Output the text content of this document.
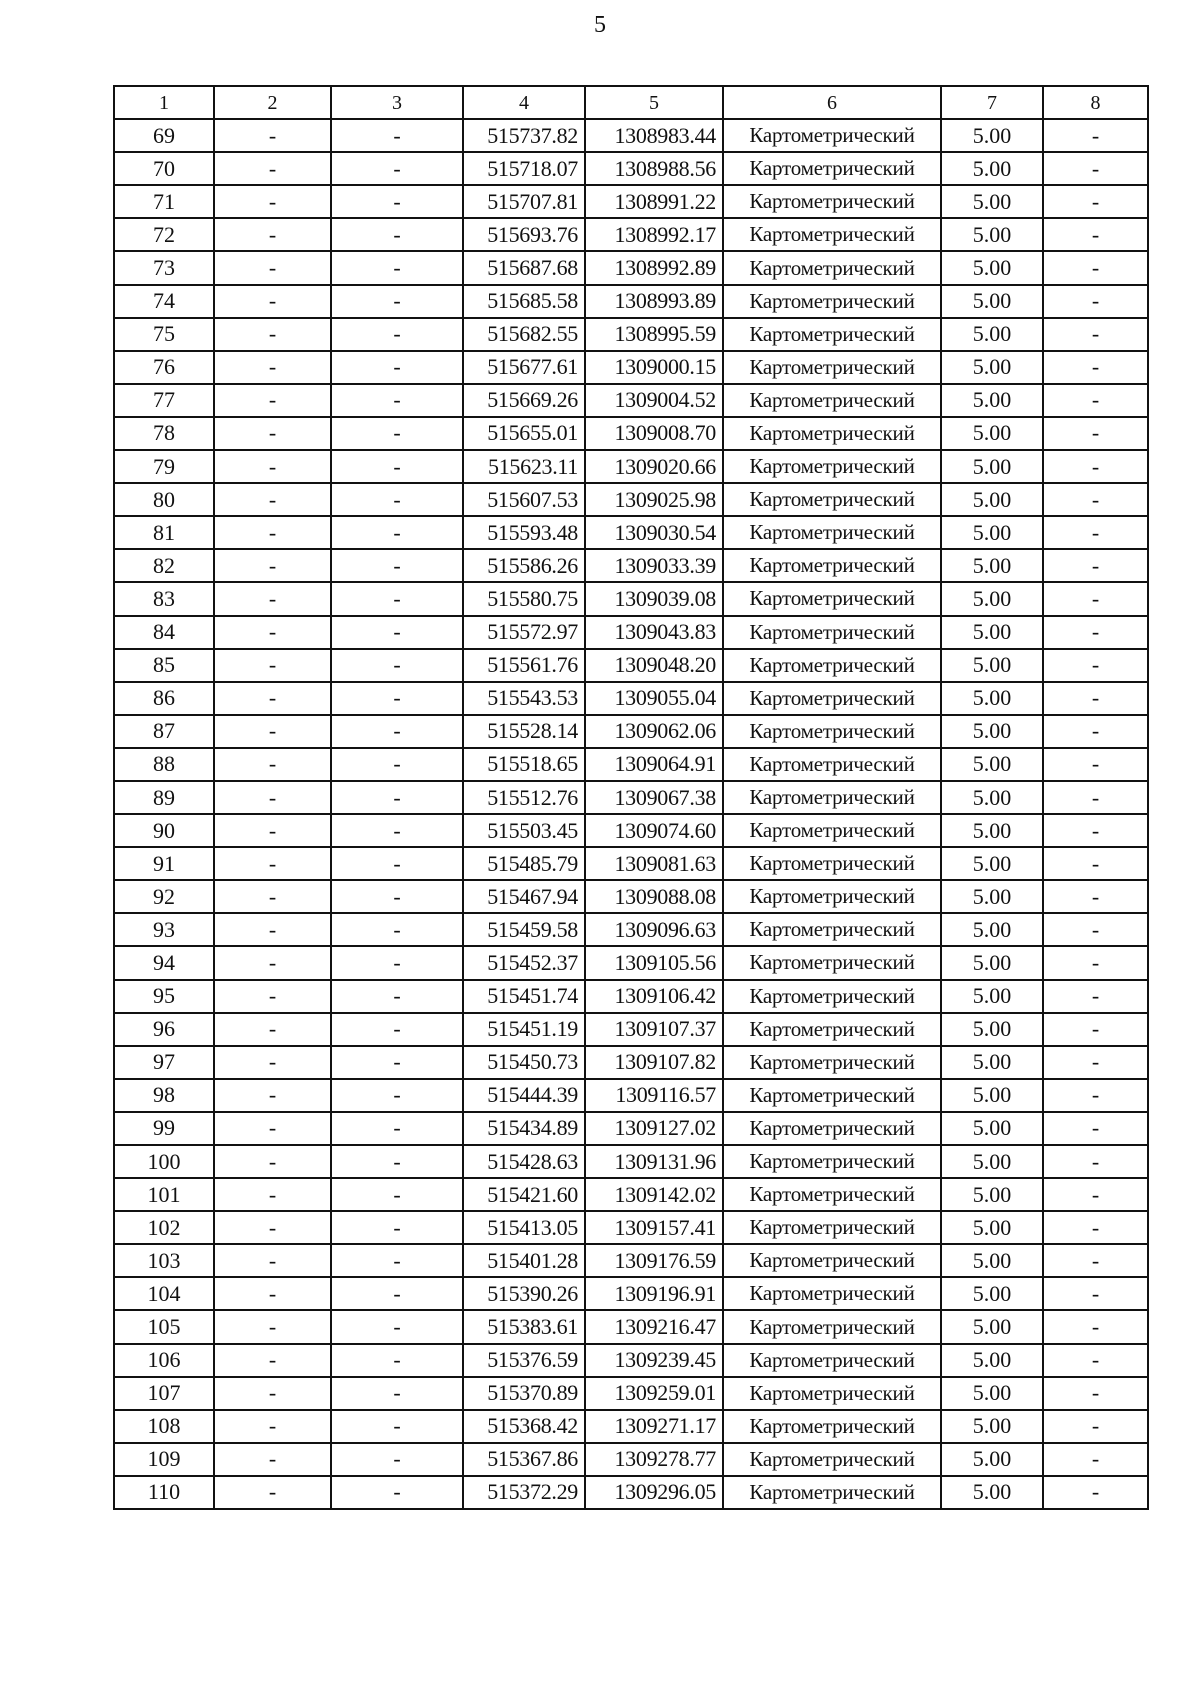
5
1	2	3	4	5	6	7	8
69	-	-	515737.82	1308983.44	Картометрический	5.00	-
70	-	-	515718.07	1308988.56	Картометрический	5.00	-
71	-	-	515707.81	1308991.22	Картометрический	5.00	-
72	-	-	515693.76	1308992.17	Картометрический	5.00	-
73	-	-	515687.68	1308992.89	Картометрический	5.00	-
74	-	-	515685.58	1308993.89	Картометрический	5.00	-
75	-	-	515682.55	1308995.59	Картометрический	5.00	-
76	-	-	515677.61	1309000.15	Картометрический	5.00	-
77	-	-	515669.26	1309004.52	Картометрический	5.00	-
78	-	-	515655.01	1309008.70	Картометрический	5.00	-
79	-	-	515623.11	1309020.66	Картометрический	5.00	-
80	-	-	515607.53	1309025.98	Картометрический	5.00	-
81	-	-	515593.48	1309030.54	Картометрический	5.00	-
82	-	-	515586.26	1309033.39	Картометрический	5.00	-
83	-	-	515580.75	1309039.08	Картометрический	5.00	-
84	-	-	515572.97	1309043.83	Картометрический	5.00	-
85	-	-	515561.76	1309048.20	Картометрический	5.00	-
86	-	-	515543.53	1309055.04	Картометрический	5.00	-
87	-	-	515528.14	1309062.06	Картометрический	5.00	-
88	-	-	515518.65	1309064.91	Картометрический	5.00	-
89	-	-	515512.76	1309067.38	Картометрический	5.00	-
90	-	-	515503.45	1309074.60	Картометрический	5.00	-
91	-	-	515485.79	1309081.63	Картометрический	5.00	-
92	-	-	515467.94	1309088.08	Картометрический	5.00	-
93	-	-	515459.58	1309096.63	Картометрический	5.00	-
94	-	-	515452.37	1309105.56	Картометрический	5.00	-
95	-	-	515451.74	1309106.42	Картометрический	5.00	-
96	-	-	515451.19	1309107.37	Картометрический	5.00	-
97	-	-	515450.73	1309107.82	Картометрический	5.00	-
98	-	-	515444.39	1309116.57	Картометрический	5.00	-
99	-	-	515434.89	1309127.02	Картометрический	5.00	-
100	-	-	515428.63	1309131.96	Картометрический	5.00	-
101	-	-	515421.60	1309142.02	Картометрический	5.00	-
102	-	-	515413.05	1309157.41	Картометрический	5.00	-
103	-	-	515401.28	1309176.59	Картометрический	5.00	-
104	-	-	515390.26	1309196.91	Картометрический	5.00	-
105	-	-	515383.61	1309216.47	Картометрический	5.00	-
106	-	-	515376.59	1309239.45	Картометрический	5.00	-
107	-	-	515370.89	1309259.01	Картометрический	5.00	-
108	-	-	515368.42	1309271.17	Картометрический	5.00	-
109	-	-	515367.86	1309278.77	Картометрический	5.00	-
110	-	-	515372.29	1309296.05	Картометрический	5.00	-
